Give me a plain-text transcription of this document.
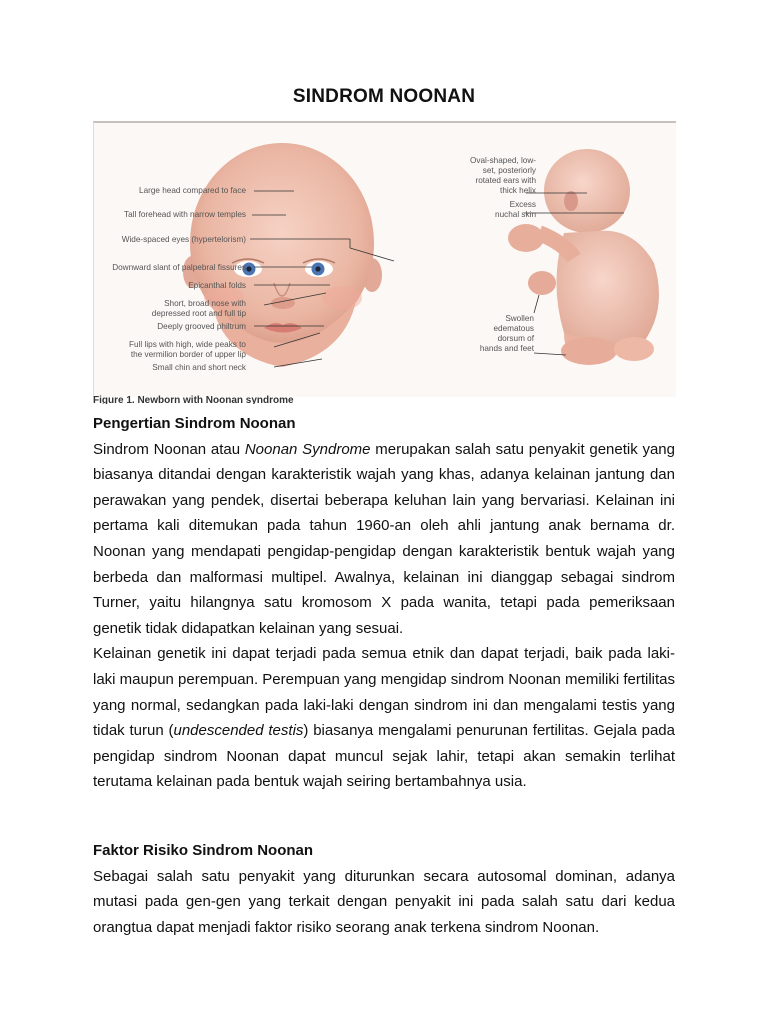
SINDROM NOONAN
Large head compared to face
Tall forehead with narrow temples
Wide-spaced eyes (hypertelorism)
Downward slant of palpebral fissures
Epicanthal folds
Short, broad nose with
depressed root and full tip
Deeply grooved philtrum
Full lips with high, wide peaks to
the vermilion border of upper lip
Small chin and short neck
Oval-shaped, low-
set, posteriorly
rotated ears with
thick helix
Excess
nuchal skin
Swollen
edematous
dorsum of
hands and feet
Figure 1. Newborn with Noonan syndrome
Pengertian Sindrom Noonan

Sindrom Noonan atau Noonan Syndrome merupakan salah satu penyakit genetik yang biasanya ditandai dengan karakteristik wajah yang khas, adanya kelainan jantung dan perawakan yang pendek, disertai beberapa keluhan lain yang bervariasi. Kelainan ini pertama kali ditemukan pada tahun 1960-an oleh ahli jantung anak bernama dr. Noonan yang mendapati pengidap-pengidap dengan karakteristik bentuk wajah yang berbeda dan malformasi multipel. Awalnya, kelainan ini dianggap sebagai sindrom Turner, yaitu hilangnya satu kromosom X pada wanita, tetapi pada pemeriksaan genetik tidak didapatkan kelainan yang sesuai.

Kelainan genetik ini dapat terjadi pada semua etnik dan dapat terjadi, baik pada laki-laki maupun perempuan. Perempuan yang mengidap sindrom Noonan memiliki fertilitas yang normal, sedangkan pada laki-laki dengan sindrom ini dan mengalami testis yang tidak turun (undescended testis) biasanya mengalami penurunan fertilitas. Gejala pada pengidap sindrom Noonan dapat muncul sejak lahir, tetapi akan semakin terlihat terutama kelainan pada bentuk wajah seiring bertambahnya usia.

Faktor Risiko Sindrom Noonan

Sebagai salah satu penyakit yang diturunkan secara autosomal dominan, adanya mutasi pada gen-gen yang terkait dengan penyakit ini pada salah satu dari kedua orangtua dapat menjadi faktor risiko seorang anak terkena sindrom Noonan.
